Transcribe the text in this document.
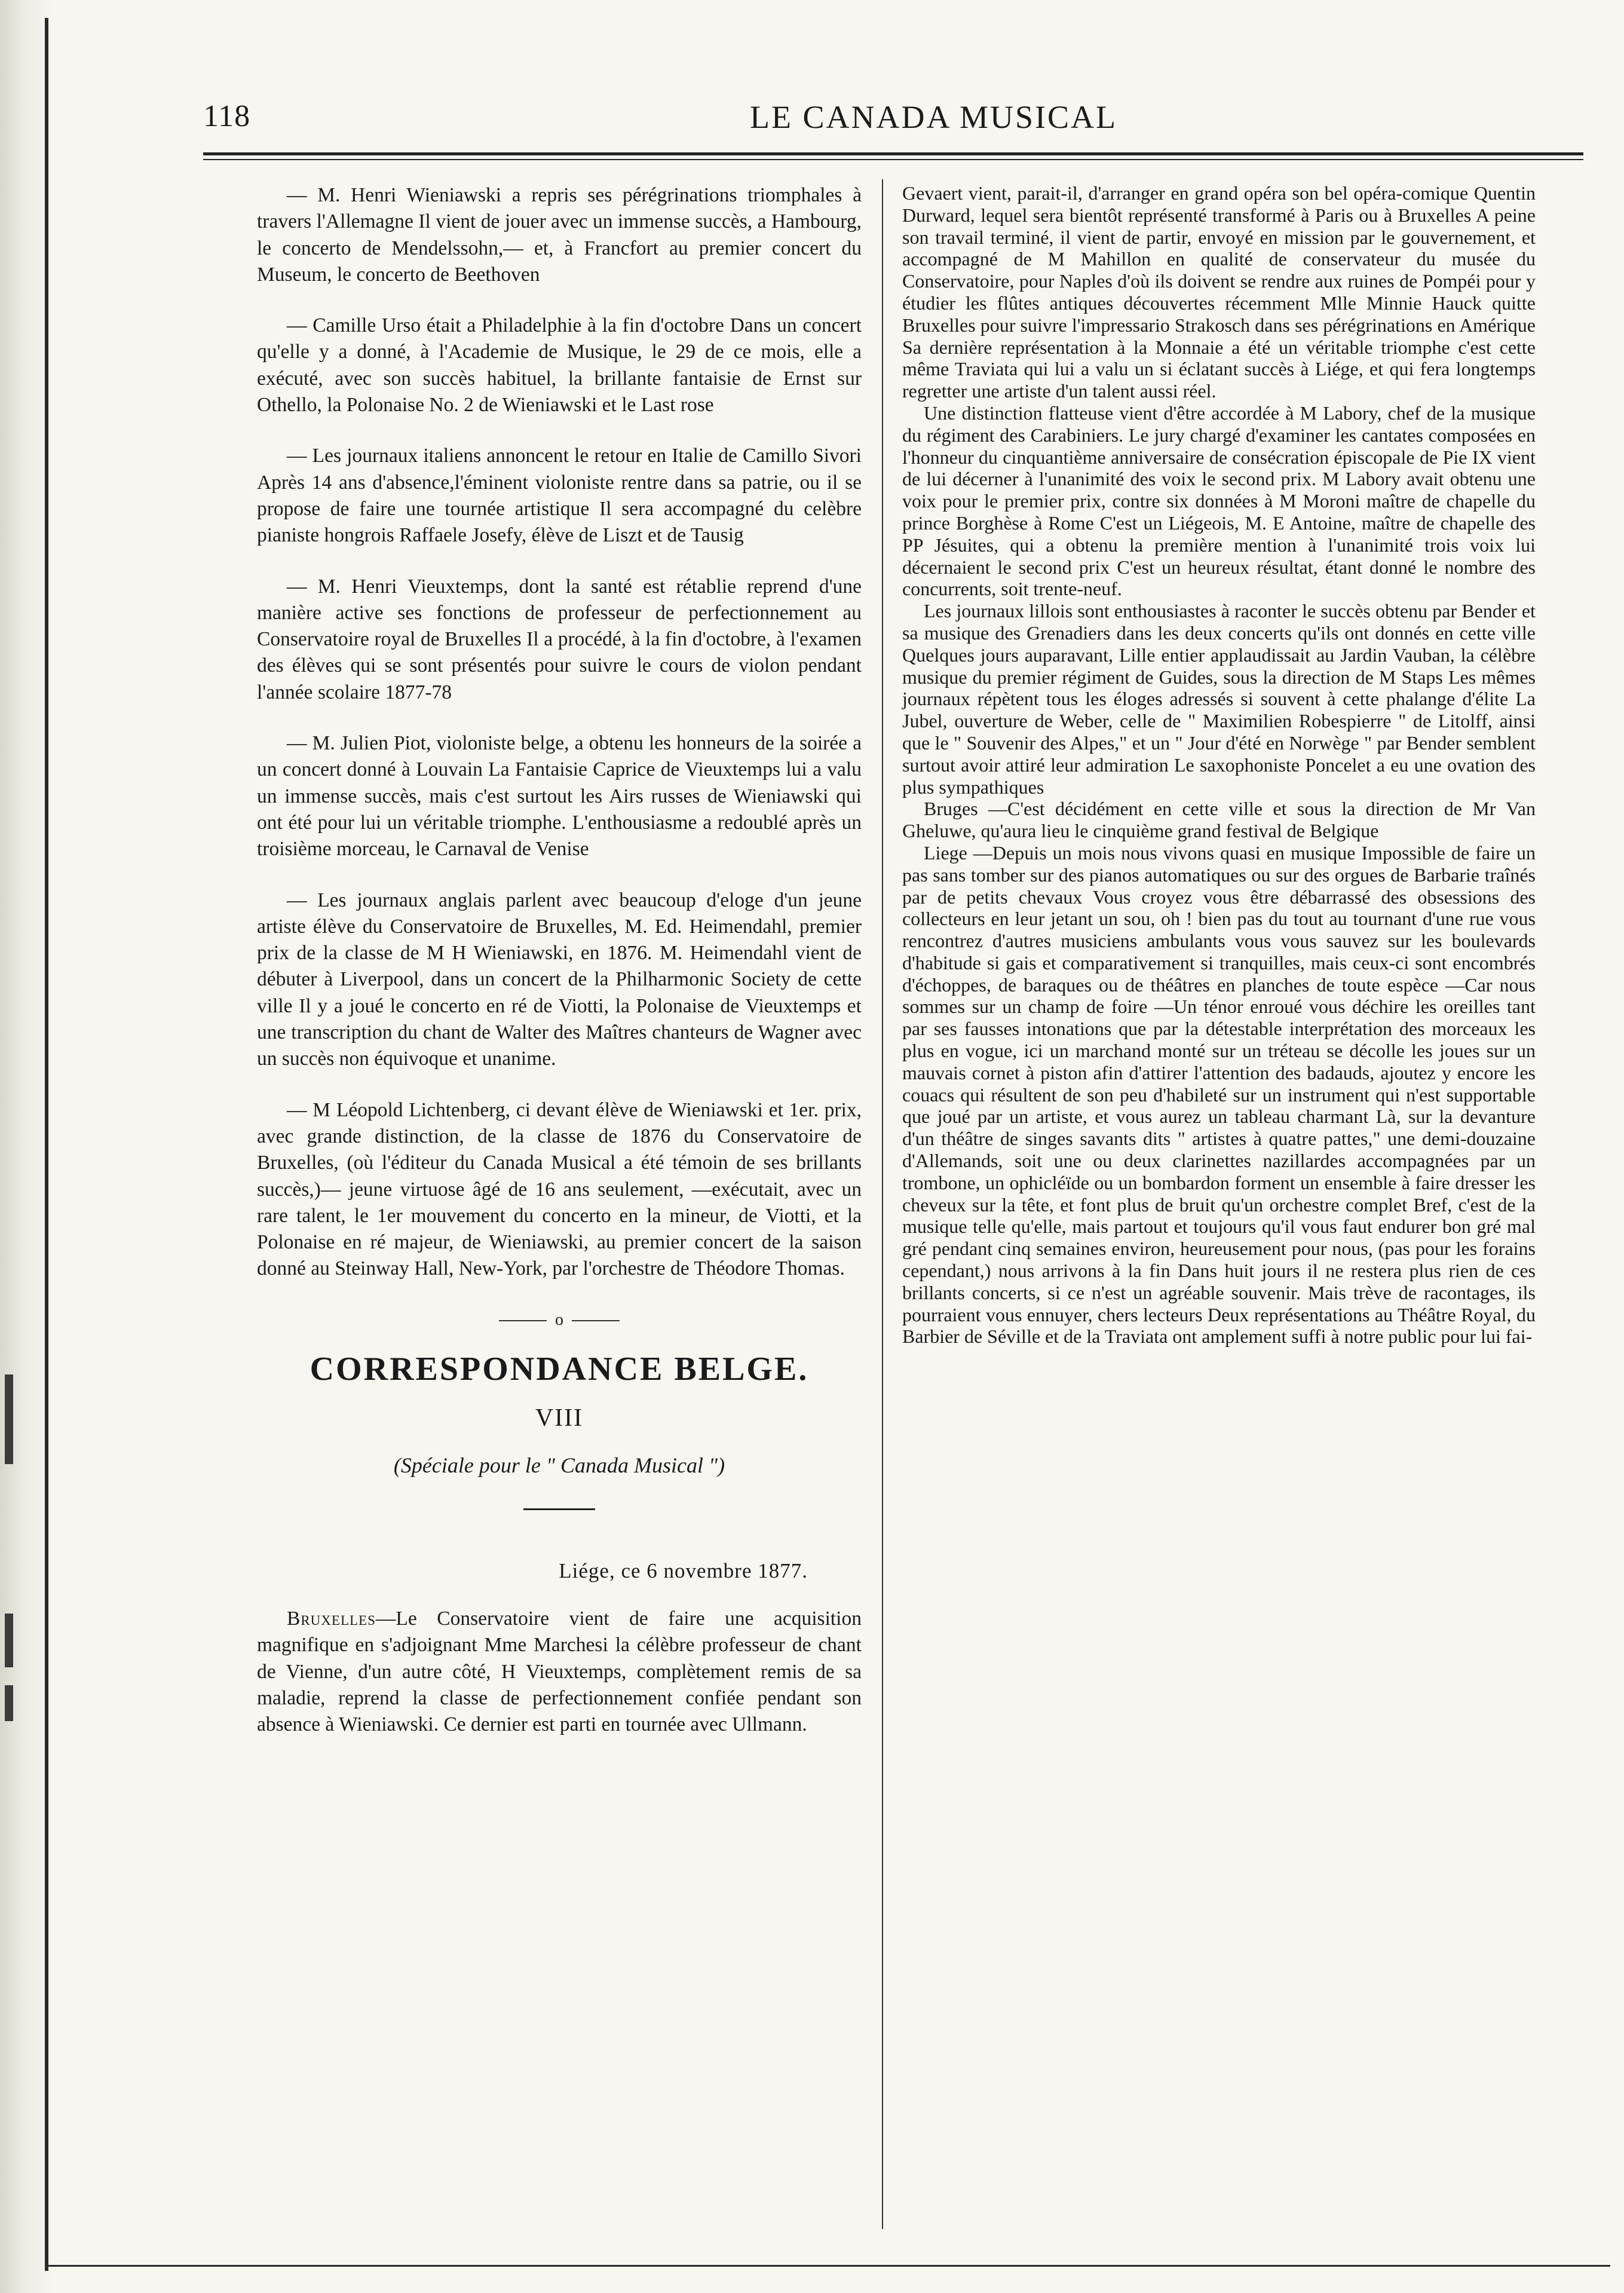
118	LE CANADA MUSICAL

— M. Henri Wieniawski a repris ses pérégrinations triomphales à travers l'Allemagne Il vient de jouer avec un immense succès, a Hambourg, le concerto de Mendelssohn,— et, à Francfort au premier concert du Museum, le concerto de Beethoven

— Camille Urso était a Philadelphie à la fin d'octobre Dans un concert qu'elle y a donné, à l'Academie de Musique, le 29 de ce mois, elle a exécuté, avec son succès habituel, la brillante fantaisie de Ernst sur Othello, la Polonaise No. 2 de Wieniawski et le Last rose

— Les journaux italiens annoncent le retour en Italie de Camillo Sivori Après 14 ans d'absence,l'éminent violoniste rentre dans sa patrie, ou il se propose de faire une tournée artistique Il sera accompagné du celèbre pianiste hongrois Raffaele Josefy, élève de Liszt et de Tausig

— M. Henri Vieuxtemps, dont la santé est rétablie reprend d'une manière active ses fonctions de professeur de perfectionnement au Conservatoire royal de Bruxelles Il a procédé, à la fin d'octobre, à l'examen des élèves qui se sont présentés pour suivre le cours de violon pendant l'année scolaire 1877-78

— M. Julien Piot, violoniste belge, a obtenu les honneurs de la soirée a un concert donné à Louvain La Fantaisie Caprice de Vieuxtemps lui a valu un immense succès, mais c'est surtout les Airs russes de Wieniawski qui ont été pour lui un véritable triomphe. L'enthousiasme a redoublé après un troisième morceau, le Carnaval de Venise

— Les journaux anglais parlent avec beaucoup d'eloge d'un jeune artiste élève du Conservatoire de Bruxelles, M. Ed. Heimendahl, premier prix de la classe de M H Wieniawski, en 1876. M. Heimendahl vient de débuter à Liverpool, dans un concert de la Philharmonic Society de cette ville Il y a joué le concerto en ré de Viotti, la Polonaise de Vieuxtemps et une transcription du chant de Walter des Maîtres chanteurs de Wagner avec un succès non équivoque et unanime.

— M Léopold Lichtenberg, ci devant élève de Wieniawski et 1er. prix, avec grande distinction, de la classe de 1876 du Conservatoire de Bruxelles, (où l'éditeur du Canada Musical a été témoin de ses brillants succès,)— jeune virtuose âgé de 16 ans seulement, —exécutait, avec un rare talent, le 1er mouvement du concerto en la mineur, de Viotti, et la Polonaise en ré majeur, de Wieniawski, au premier concert de la saison donné au Steinway Hall, New-York, par l'orchestre de Théodore Thomas.

o
CORRESPONDANCE BELGE.
VIII
(Spéciale pour le " Canada Musical ")
Liége, ce 6 novembre 1877.

Bruxelles—Le Conservatoire vient de faire une acquisition magnifique en s'adjoignant Mme Marchesi la célèbre professeur de chant de Vienne, d'un autre côté, H Vieuxtemps, complètement remis de sa maladie, reprend la classe de perfectionnement confiée pendant son absence à Wieniawski. Ce dernier est parti en tournée avec Ullmann.

Gevaert vient, parait-il, d'arranger en grand opéra son bel opéra-comique Quentin Durward, lequel sera bientôt représenté transformé à Paris ou à Bruxelles A peine son travail terminé, il vient de partir, envoyé en mission par le gouvernement, et accompagné de M Mahillon en qualité de conservateur du musée du Conservatoire, pour Naples d'où ils doivent se rendre aux ruines de Pompéi pour y étudier les flûtes antiques découvertes récemment Mlle Minnie Hauck quitte Bruxelles pour suivre l'impressario Strakosch dans ses pérégrinations en Amérique Sa dernière représentation à la Monnaie a été un véritable triomphe c'est cette même Traviata qui lui a valu un si éclatant succès à Liége, et qui fera longtemps regretter une artiste d'un talent aussi réel.

Une distinction flatteuse vient d'être accordée à M Labory, chef de la musique du régiment des Carabiniers. Le jury chargé d'examiner les cantates composées en l'honneur du cinquantième anniversaire de consécration épiscopale de Pie IX vient de lui décerner à l'unanimité des voix le second prix. M Labory avait obtenu une voix pour le premier prix, contre six données à M Moroni maître de chapelle du prince Borghèse à Rome C'est un Liégeois, M. E Antoine, maître de chapelle des PP Jésuites, qui a obtenu la première mention à l'unanimité trois voix lui décernaient le second prix C'est un heureux résultat, étant donné le nombre des concurrents, soit trente-neuf.

Les journaux lillois sont enthousiastes à raconter le succès obtenu par Bender et sa musique des Grenadiers dans les deux concerts qu'ils ont donnés en cette ville Quelques jours auparavant, Lille entier applaudissait au Jardin Vauban, la célèbre musique du premier régiment de Guides, sous la direction de M Staps Les mêmes journaux répètent tous les éloges adressés si souvent à cette phalange d'élite La Jubel, ouverture de Weber, celle de " Maximilien Robespierre " de Litolff, ainsi que le " Souvenir des Alpes," et un " Jour d'été en Norwège " par Bender semblent surtout avoir attiré leur admiration Le saxophoniste Poncelet a eu une ovation des plus sympathiques

Bruges —C'est décidément en cette ville et sous la direction de Mr Van Gheluwe, qu'aura lieu le cinquième grand festival de Belgique

Liege —Depuis un mois nous vivons quasi en musique Impossible de faire un pas sans tomber sur des pianos automatiques ou sur des orgues de Barbarie traînés par de petits chevaux Vous croyez vous être débarrassé des obsessions des collecteurs en leur jetant un sou, oh ! bien pas du tout au tournant d'une rue vous rencontrez d'autres musiciens ambulants vous vous sauvez sur les boulevards d'habitude si gais et comparativement si tranquilles, mais ceux-ci sont encombrés d'échoppes, de baraques ou de théâtres en planches de toute espèce —Car nous sommes sur un champ de foire —Un ténor enroué vous déchire les oreilles tant par ses fausses intonations que par la détestable interprétation des morceaux les plus en vogue, ici un marchand monté sur un tréteau se décolle les joues sur un mauvais cornet à piston afin d'attirer l'attention des badauds, ajoutez y encore les couacs qui résultent de son peu d'habileté sur un instrument qui n'est supportable que joué par un artiste, et vous aurez un tableau charmant Là, sur la devanture d'un théâtre de singes savants dits " artistes à quatre pattes," une demi-douzaine d'Allemands, soit une ou deux clarinettes nazillardes accompagnées par un trombone, un ophicléïde ou un bombardon forment un ensemble à faire dresser les cheveux sur la tête, et font plus de bruit qu'un orchestre complet Bref, c'est de la musique telle qu'elle, mais partout et toujours qu'il vous faut endurer bon gré mal gré pendant cinq semaines environ, heureusement pour nous, (pas pour les forains cependant,) nous arrivons à la fin Dans huit jours il ne restera plus rien de ces brillants concerts, si ce n'est un agréable souvenir. Mais trève de racontages, ils pourraient vous ennuyer, chers lecteurs Deux représentations au Théâtre Royal, du Barbier de Séville et de la Traviata ont amplement suffi à notre public pour lui fai-
